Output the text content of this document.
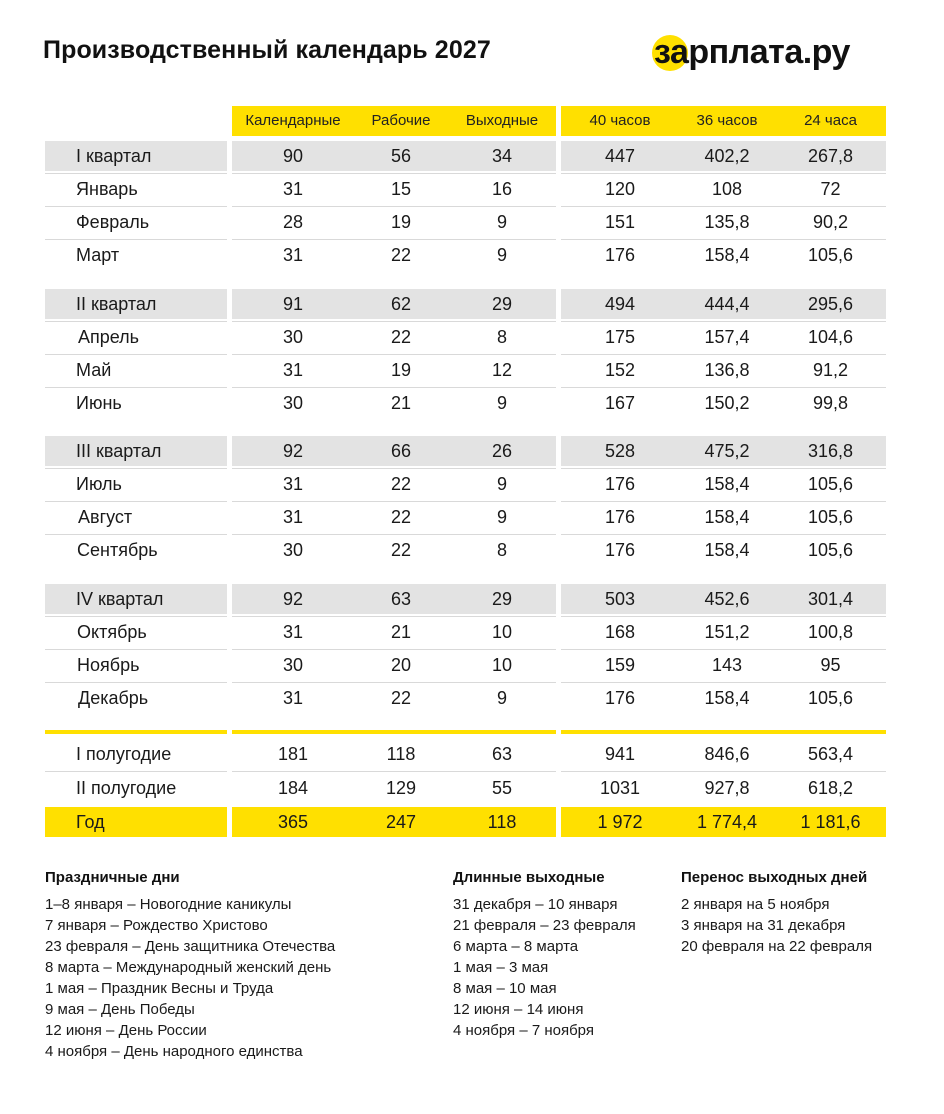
Производственный календарь 2027	зарплата.ру
Календарные	Рабочие	Выходные	40 часов	36 часов	24 часа
I квартал	90	56	34	447	402,2	267,8
Январь	31	15	16	120	108	72
Февраль	28	19	9	151	135,8	90,2
Март	31	22	9	176	158,4	105,6
II квартал	91	62	29	494	444,4	295,6
Апрель	30	22	8	175	157,4	104,6
Май	31	19	12	152	136,8	91,2
Июнь	30	21	9	167	150,2	99,8
III квартал	92	66	26	528	475,2	316,8
Июль	31	22	9	176	158,4	105,6
Август	31	22	9	176	158,4	105,6
Сентябрь	30	22	8	176	158,4	105,6
IV квартал	92	63	29	503	452,6	301,4
Октябрь	31	21	10	168	151,2	100,8
Ноябрь	30	20	10	159	143	95
Декабрь	31	22	9	176	158,4	105,6
I полугодие	181	118	63	941	846,6	563,4
II полугодие	184	129	55	1031	927,8	618,2
Год	365	247	118	1 972	1 774,4	1 181,6
Праздничные дни
1–8 января – Новогодние каникулы
7 января – Рождество Христово
23 февраля – День защитника Отечества
8 марта – Международный женский день
1 мая – Праздник Весны и Труда
9 мая – День Победы
12 июня – День России
4 ноября – День народного единства
Длинные выходные
31 декабря – 10 января
21 февраля – 23 февраля
6 марта – 8 марта
1 мая – 3 мая
8 мая – 10 мая
12 июня – 14 июня
4 ноября – 7 ноября
Перенос выходных дней
2 января на 5 ноября
3 января на 31 декабря
20 февраля на 22 февраля
